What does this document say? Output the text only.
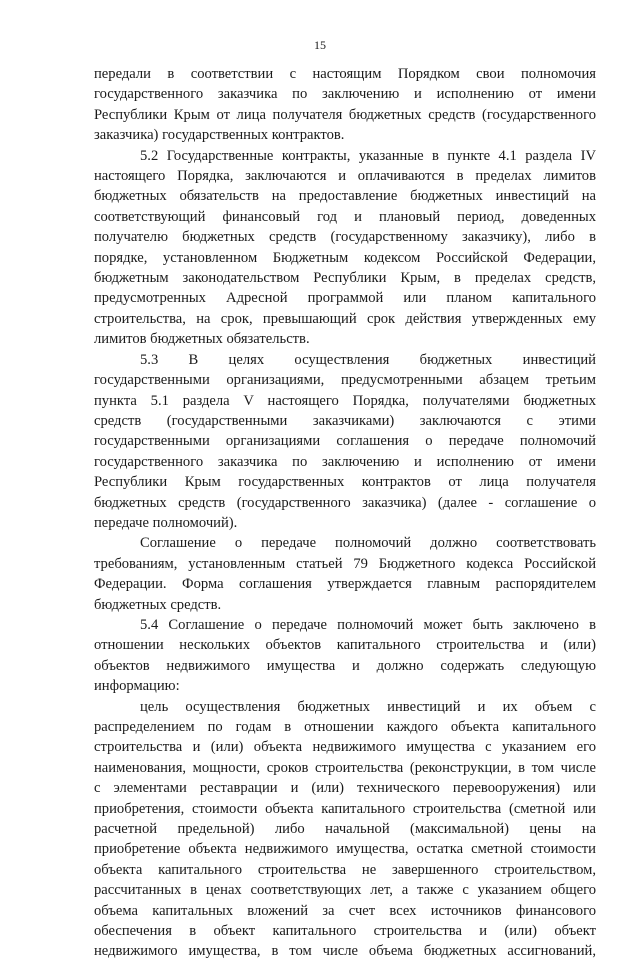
15

передали в соответствии с настоящим Порядком свои полномочия

государственного заказчика по заключению и исполнению от имени

Республики Крым от лица получателя бюджетных средств (государственного

заказчика) государственных контрактов.

5.2 Государственные контракты, указанные в пункте 4.1 раздела IV

настоящего Порядка, заключаются и оплачиваются в пределах лимитов

бюджетных обязательств на предоставление бюджетных инвестиций на

соответствующий финансовый год и плановый период, доведенных

получателю бюджетных средств (государственному заказчику), либо в

порядке, установленном Бюджетным кодексом Российской Федерации,

бюджетным законодательством Республики Крым, в пределах средств,

предусмотренных Адресной программой или планом капитального

строительства, на срок, превышающий срок действия утвержденных ему

лимитов бюджетных обязательств.

5.3 В целях осуществления бюджетных инвестиций

государственными организациями, предусмотренными абзацем третьим

пункта 5.1 раздела V настоящего Порядка, получателями бюджетных

средств (государственными заказчиками) заключаются с этими

государственными организациями соглашения о передаче полномочий

государственного заказчика по заключению и исполнению от имени

Республики Крым государственных контрактов от лица получателя

бюджетных средств (государственного заказчика) (далее - соглашение о

передаче полномочий).

Соглашение о передаче полномочий должно соответствовать

требованиям, установленным статьей 79 Бюджетного кодекса Российской

Федерации. Форма соглашения утверждается главным распорядителем

бюджетных средств.

5.4 Соглашение о передаче полномочий может быть заключено в

отношении нескольких объектов капитального строительства и (или)

объектов недвижимого имущества и должно содержать следующую

информацию:

цель осуществления бюджетных инвестиций и их объем с

распределением по годам в отношении каждого объекта капитального

строительства и (или) объекта недвижимого имущества с указанием его

наименования, мощности, сроков строительства (реконструкции, в том числе

с элементами реставрации и (или) технического перевооружения) или

приобретения, стоимости объекта капитального строительства (сметной или

расчетной предельной) либо начальной (максимальной) цены на

приобретение объекта недвижимого имущества, остатка сметной стоимости

объекта капитального строительства не завершенного строительством,

рассчитанных в ценах соответствующих лет, а также с указанием общего

объема капитальных вложений за счет всех источников финансового

обеспечения в объект капитального строительства и (или) объект

недвижимого имущества, в том числе объема бюджетных ассигнований,
